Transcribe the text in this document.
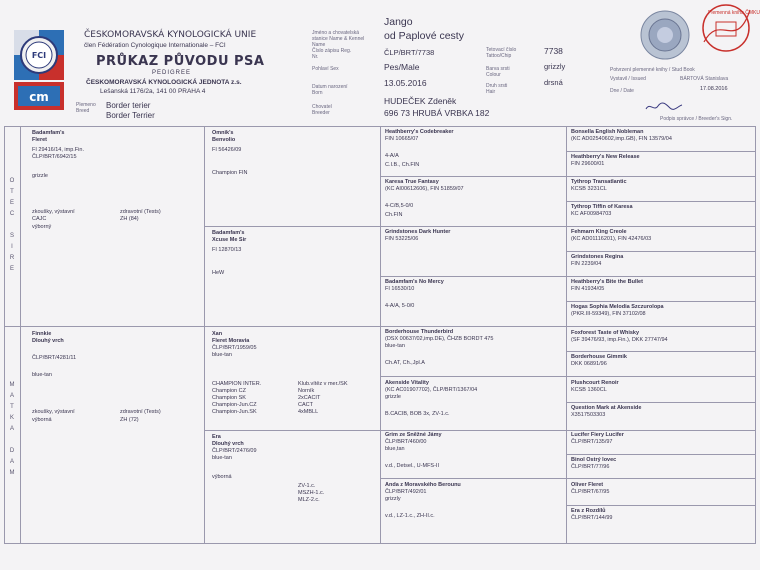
FCI
cm
ČESKOMORAVSKÁ KYNOLOGICKÁ UNIE
člen Fédération Cynologique Internationale – FCI
PRŮKAZ PŮVODU PSA
PEDIGREE
ČESKOMORAVSKÁ KYNOLOGICKÁ JEDNOTA z.s.
Lešanská 1176/2a, 141 00 PRAHA 4
Plemeno Breed
Border terier
Border Terrier
Jméno a chovatelská stanice Name & Kennel Name
Jango
od Paplové cesty
Číslo zápisu Reg. Nr.	ČLP/BRT/7738	Tetovací číslo Tattoo/Chip	7738
Pohlaví Sex	Pes/Male	Barva srsti Colour
grizzly
Datum narození Born
13.05.2016	Druh srsti Hair
drsná
Chovatel Breeder
HUDEČEK Zdeněk
696 73 HRUBÁ VRBKA 182
Plemenná kniha ČMKU
Potvrzení plemenné knihy / Stud Book
Vystavil / Issued	BÁRTOVÁ Stanislava
Dne / Date	17.08.2016
Podpis správce / Breeder's Sign.
O
T
E
C

S
I
R
E
M
A
T
K
A

D
A
M
Badamfam's
Fleret
FI 29416/14, imp.Fin.
ČLP/BRT/6942/15
grizzle
zkoušky, výstavní	zdravotní (Tests)
CAJC	ZH (84)
výborný
Finnkie
Dlouhý vrch
ČLP/BRT/4281/11
blue-tan
zkoušky, výstavní	zdravotní (Tests)
výborná	ZH (72)
Omnik's
Benvolio
FI 56426/09
Champion FIN
Badamfam's
Xcuse Me Sir
FI 12870/13
HeW
Xan
Fleret Moravia
ČLP/BRT/1959/05
blue-tan
CHAMPION INTER.
Champion CZ
Champion SK
Champion-Jun.CZ
Champion-Jun.SK
Klub.vítěz v mer./SK
Norník
2xCACIT
CACT
4xMBLL
Era
Dlouhý vrch
ČLP/BRT/2476/09
blue-tan
výborná
ZV-1.c.
MSZH-1.c.
MLZ-2.c.
Heathberry's Codebreaker
FIN 10665/07
4-A/A
C.I.B., Ch.FIN
Karesa True Fantasy
(KC AI00612606), FIN 51859/07
4-C/B,5-0/0
Ch.FIN
Grindstones Dark Hunter
FIN 53225/06
Badamfam's No Mercy
FI 16530/10
4-A/A, 5-0/0
Borderhouse Thunderbird
(DSX 00637/02,imp.DE), ČHZB BORDT 475
blue-tan
Ch.AT, Ch.,Jpl.A
Akenside Vitality
(KC AC01907702), ČLP/BRT/1367/04
grizzle
B.CACIB, BOB 3x, ZV-1.c.
Grim ze Sněžné Jámy
ČLP/BRT/460/00
blue,tan
v.d., Detsel., U-MFS-II
Anda z Moravského Berounu
ČLP/BRT/492/01
grizzly
v.d., LZ-1.c., ZH-II.c.
Bonsella English Nobleman
(KC AD02540602,imp.GB), FIN 13579/04
Heathberry's New Release
FIN 29600/01
Tythrop Transatlantic
KCSB 3231CL
Tythrop Tiffin of Karesa
KC AF00984703
Fehmarn King Creole
(KC AD01116201), FIN 42476/03
Grindstones Regina
FIN 2239/04
Heathberry's Bite the Bullet
FIN 41934/05
Hogas Sophia Melodia Szczurolopa
(PKR.III-59349), FIN 37102/08
Foxforest Taste of Whisky
(SF 39476/93, imp.Fin.), DKK 27747/94
Borderhouse Gimmik
DKK 06891/96
Plushcourt Renoir
KCSB 1360CL
Question Mark at Akenside
X3517503303
Lucifer Fiery Lucifer
ČLP/BRT/135/97
Binol Ostrý lovec
ČLP/BRT/77/96
Oliver Fleret
ČLP/BRT/67/95
Era z Rozdílů
ČLP/BRT/144/99
